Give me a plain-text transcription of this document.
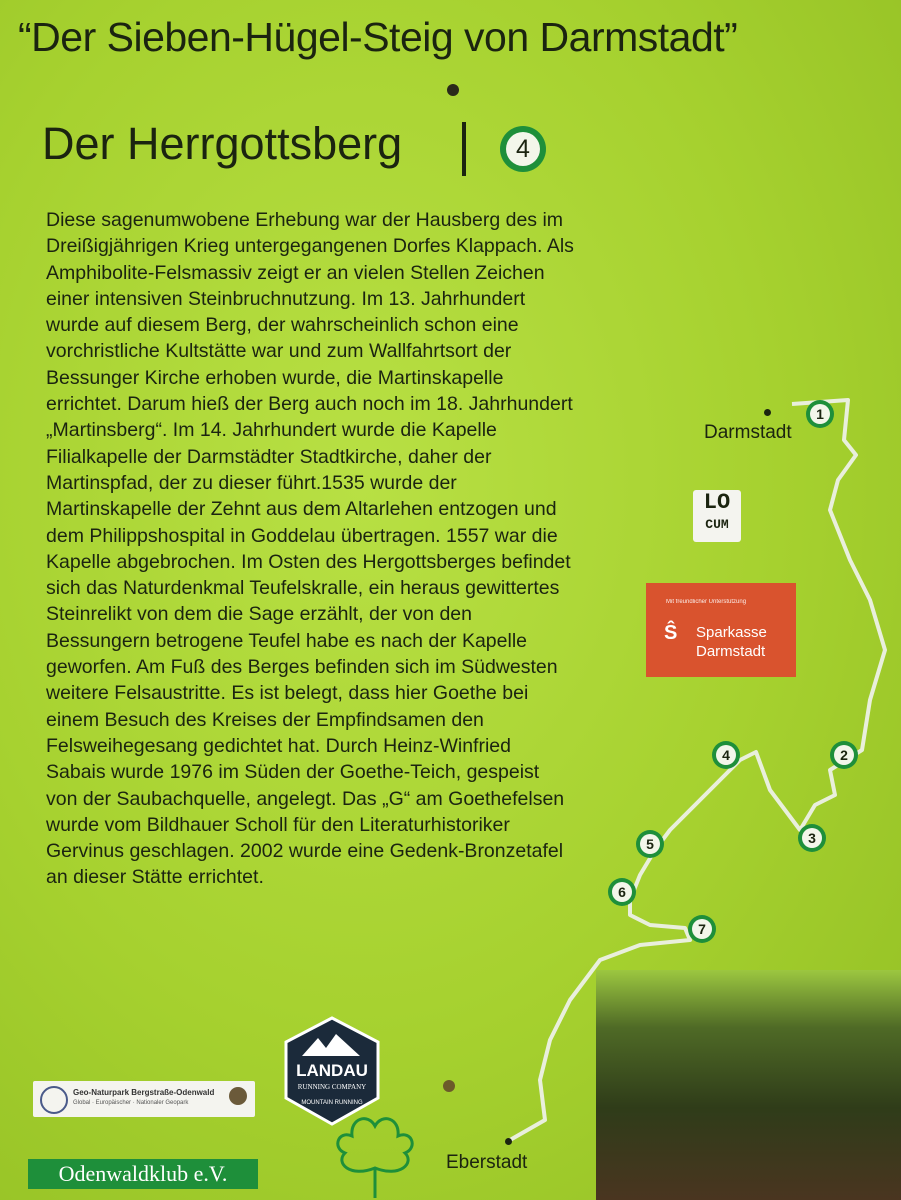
“Der Sieben-Hügel-Steig von Darmstadt”
Der Herrgottsberg	4

Diese sagenumwobene Erhebung war der Hausberg des im Dreißigjährigen Krieg untergegangenen Dorfes Klappach. Als Amphibolite-Felsmassiv zeigt er an vielen Stellen Zeichen einer intensiven Steinbruchnutzung. Im 13. Jahrhundert wurde auf diesem Berg, der wahrscheinlich schon eine vorchristliche Kultstätte war und zum Wallfahrtsort der Bessunger Kirche erhoben wurde, die Martinskapelle errichtet. Darum hieß der Berg auch noch im 18. Jahrhundert „Martinsberg“. Im 14. Jahrhundert wurde die Kapelle Filialkapelle der Darmstädter Stadtkirche, daher der Martinspfad, der zu dieser führt.1535 wurde der Martinskapelle der Zehnt aus dem Altarlehen entzogen und dem Philippshospital in Goddelau übertragen. 1557 war die Kapelle abgebrochen. Im Osten des Hergottsberges befindet sich das Naturdenkmal Teufelskralle, ein heraus gewittertes Steinrelikt von dem die Sage erzählt, der von den Bessungern betrogene Teufel habe es nach der Kapelle geworfen. Am Fuß des Berges befinden sich im Südwesten weitere Felsaustritte. Es ist belegt, dass hier Goethe bei einem Besuch des Kreises der Empfindsamen den Felsweihegesang gedichtet hat. Durch Heinz-Winfried Sabais wurde 1976 im Süden der Goethe-Teich, gespeist von der Saubachquelle, angelegt. Das „G“ am Goethefelsen wurde vom Bildhauer Scholl für den Literaturhistoriker Gervinus geschlagen. 2002 wurde eine Gedenk-Bronzetafel an dieser Stätte errichtet.

Darmstadt
Eberstadt
1
2
3
4
5
6
7
LO
CUM
Mit freundlicher Unterstützung
Ŝ Sparkasse
Darmstadt
Geo-Naturpark Bergstraße-Odenwald
Global · Europäischer · Nationaler Geopark
LANDAU
RUNNING COMPANY
MOUNTAIN RUNNING
Odenwaldklub e.V.
